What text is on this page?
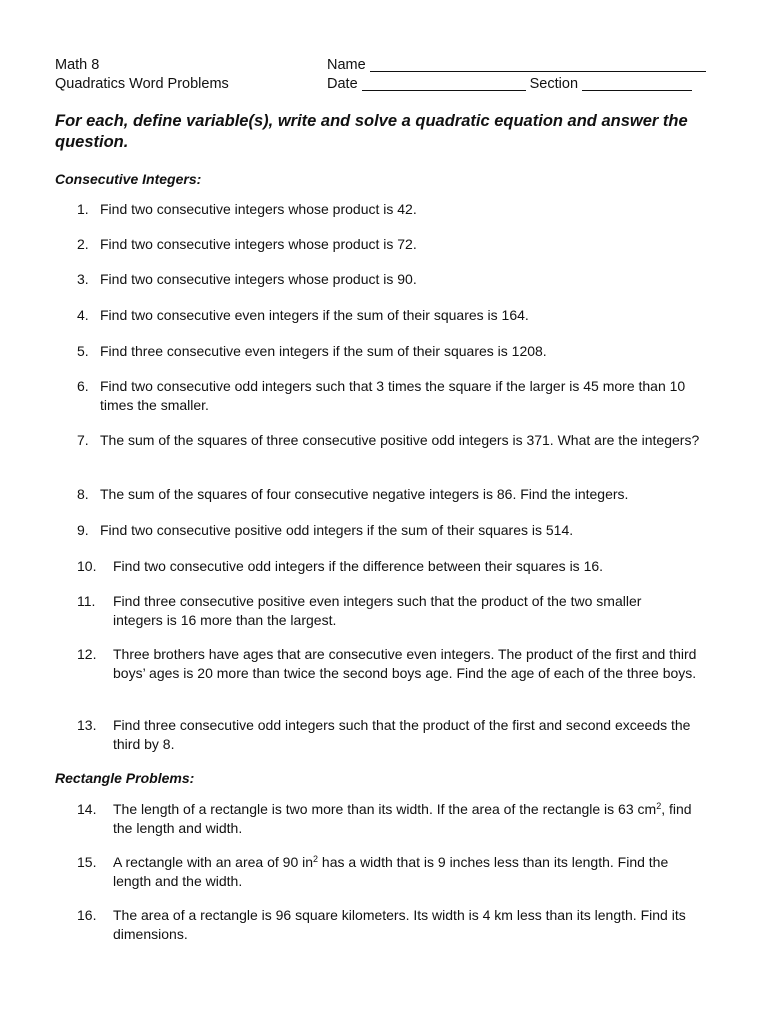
Math 8
Quadratics Word Problems
Name
Date	Section
For each, define variable(s), write and solve a quadratic equation and answer the question.
Consecutive Integers:
1. Find two consecutive integers whose product is 42.
2. Find two consecutive integers whose product is 72.
3. Find two consecutive integers whose product is 90.
4. Find two consecutive even integers if the sum of their squares is 164.
5. Find three consecutive even integers if the sum of their squares is 1208.
6. Find two consecutive odd integers such that 3 times the square if the larger is 45 more than 10 times the smaller.
7. The sum of the squares of three consecutive positive odd integers is 371. What are the integers?
8. The sum of the squares of four consecutive negative integers is 86. Find the integers.
9. Find two consecutive positive odd integers if the sum of their squares is 514.
10. Find two consecutive odd integers if the difference between their squares is 16.
11. Find three consecutive positive even integers such that the product of the two smaller integers is 16 more than the largest.
12. Three brothers have ages that are consecutive even integers. The product of the first and third boys’ ages is 20 more than twice the second boys age. Find the age of each of the three boys.
13. Find three consecutive odd integers such that the product of the first and second exceeds the third by 8.
Rectangle Problems:
14. The length of a rectangle is two more than its width. If the area of the rectangle is 63 $cm^2$, find the length and width.
15. A rectangle with an area of 90 $in^2$ has a width that is 9 inches less than its length. Find the length and the width.
16. The area of a rectangle is 96 square kilometers. Its width is 4 km less than its length. Find its dimensions.
